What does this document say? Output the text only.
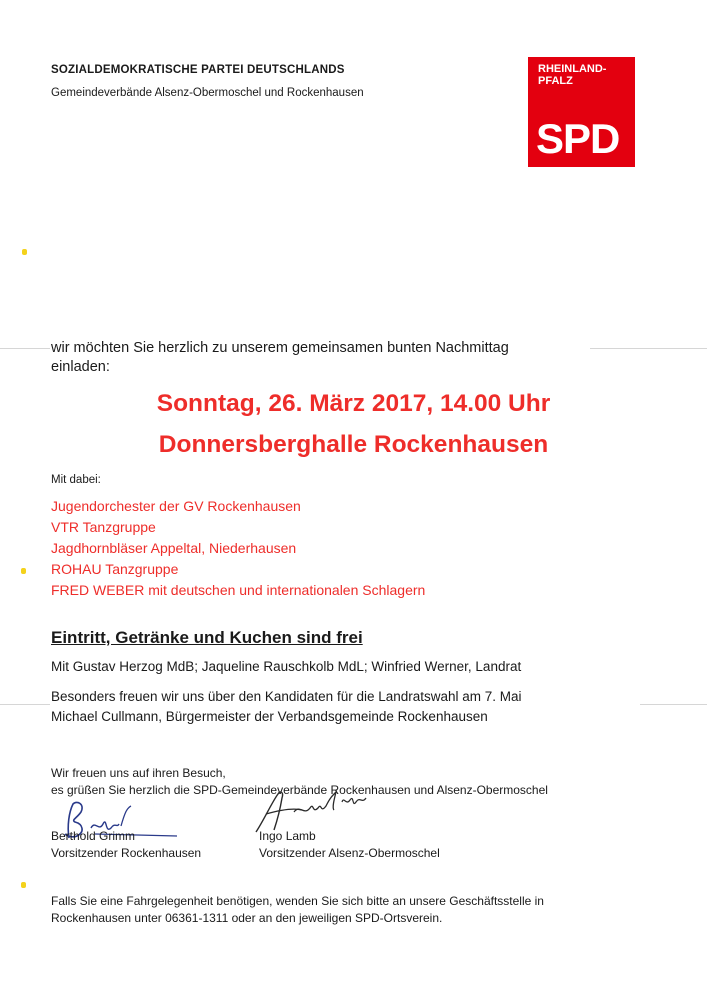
SOZIALDEMOKRATISCHE PARTEI DEUTSCHLANDS
Gemeindeverbände Alsenz-Obermoschel und Rockenhausen
RHEINLAND-
PFALZ
SPD
wir möchten Sie herzlich zu unserem gemeinsamen bunten Nachmittag
einladen:
Sonntag, 26. März 2017, 14.00 Uhr
Donnersberghalle Rockenhausen
Mit dabei:
Jugendorchester der GV Rockenhausen
VTR Tanzgruppe
Jagdhornbläser Appeltal, Niederhausen
ROHAU Tanzgruppe
FRED WEBER mit deutschen und internationalen Schlagern
Eintritt, Getränke und Kuchen sind frei
Mit Gustav Herzog MdB; Jaqueline Rauschkolb MdL; Winfried Werner, Landrat
Besonders freuen wir uns über den Kandidaten für die Landratswahl am 7. Mai
Michael Cullmann, Bürgermeister der Verbandsgemeinde Rockenhausen
Wir freuen uns auf ihren Besuch,
es grüßen Sie herzlich die SPD-Gemeindeverbände Rockenhausen und Alsenz-Obermoschel
Berthold Grimm
Vorsitzender Rockenhausen
Ingo Lamb
Vorsitzender Alsenz-Obermoschel
Falls Sie eine Fahrgelegenheit benötigen, wenden Sie sich bitte an unsere Geschäftsstelle in
Rockenhausen unter 06361-1311 oder an den jeweiligen SPD-Ortsverein.
